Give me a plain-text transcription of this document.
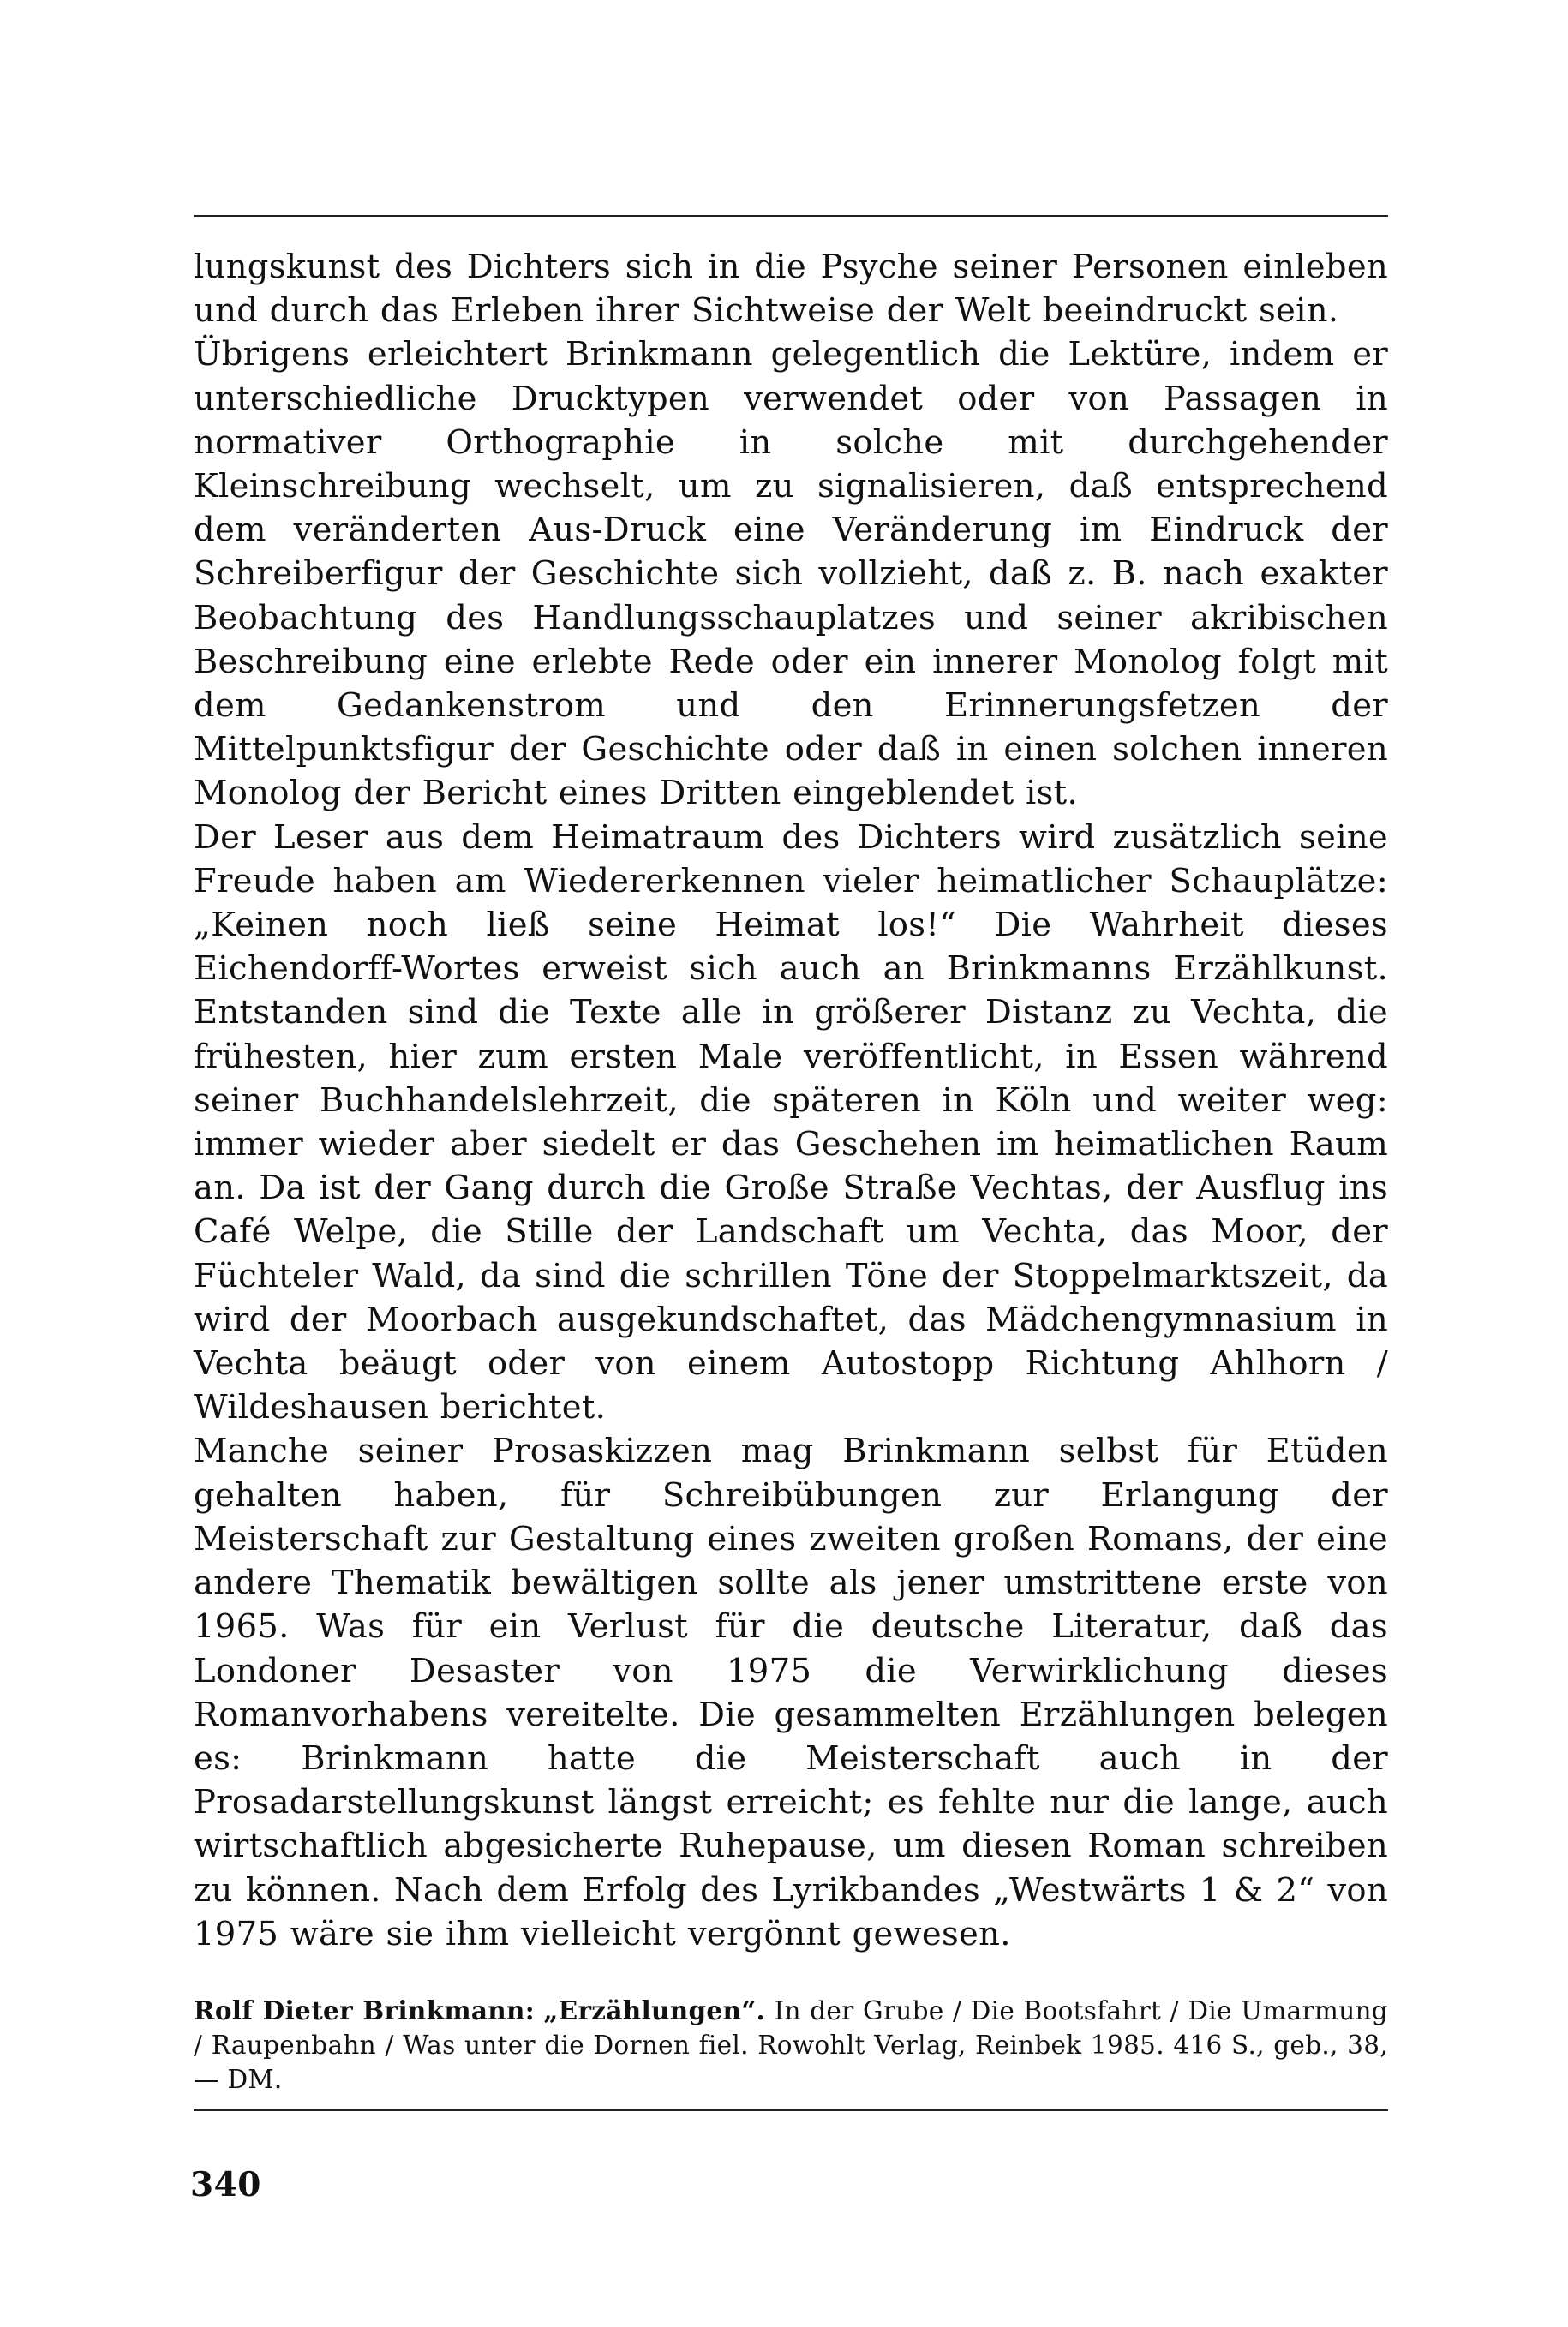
lungskunst des Dichters sich in die Psyche seiner Personen einleben und durch das Erleben ihrer Sichtweise der Welt beeindruckt sein.

Übrigens erleichtert Brinkmann gelegentlich die Lektüre, indem er unterschiedliche Drucktypen verwendet oder von Passagen in normativer Orthographie in solche mit durchgehender Kleinschreibung wechselt, um zu signalisieren, daß entsprechend dem veränderten Aus-Druck eine Veränderung im Eindruck der Schreiberfigur der Geschichte sich vollzieht, daß z. B. nach exakter Beobachtung des Handlungsschauplatzes und seiner akribischen Beschreibung eine erlebte Rede oder ein innerer Monolog folgt mit dem Gedankenstrom und den Erinnerungsfetzen der Mittelpunktsfigur der Geschichte oder daß in einen solchen inneren Monolog der Bericht eines Dritten eingeblendet ist.

Der Leser aus dem Heimatraum des Dichters wird zusätzlich seine Freude haben am Wiedererkennen vieler heimatlicher Schauplätze: „Keinen noch ließ seine Heimat los!“ Die Wahrheit dieses Eichendorff-Wortes erweist sich auch an Brinkmanns Erzählkunst. Entstanden sind die Texte alle in größerer Distanz zu Vechta, die frühesten, hier zum ersten Male veröffentlicht, in Essen während seiner Buchhandelslehrzeit, die späteren in Köln und weiter weg: immer wieder aber siedelt er das Geschehen im heimatlichen Raum an. Da ist der Gang durch die Große Straße Vechtas, der Ausflug ins Café Welpe, die Stille der Landschaft um Vechta, das Moor, der Füchteler Wald, da sind die schrillen Töne der Stoppelmarktszeit, da wird der Moorbach ausgekundschaftet, das Mädchengymnasium in Vechta beäugt oder von einem Autostopp Richtung Ahlhorn / Wildeshausen berichtet.

Manche seiner Prosaskizzen mag Brinkmann selbst für Etüden gehalten haben, für Schreibübungen zur Erlangung der Meisterschaft zur Gestaltung eines zweiten großen Romans, der eine andere Thematik bewältigen sollte als jener umstrittene erste von 1965. Was für ein Verlust für die deutsche Literatur, daß das Londoner Desaster von 1975 die Verwirklichung dieses Romanvorhabens vereitelte. Die gesammelten Erzählungen belegen es: Brinkmann hatte die Meisterschaft auch in der Prosadarstellungskunst längst erreicht; es fehlte nur die lange, auch wirtschaftlich abgesicherte Ruhepause, um diesen Roman schreiben zu können. Nach dem Erfolg des Lyrikbandes „Westwärts 1 & 2“ von 1975 wäre sie ihm vielleicht vergönnt gewesen.

Rolf Dieter Brinkmann: „Erzählungen“. In der Grube / Die Bootsfahrt / Die Umarmung / Raupenbahn / Was unter die Dornen fiel. Rowohlt Verlag, Reinbek 1985. 416 S., geb., 38,— DM.
340
